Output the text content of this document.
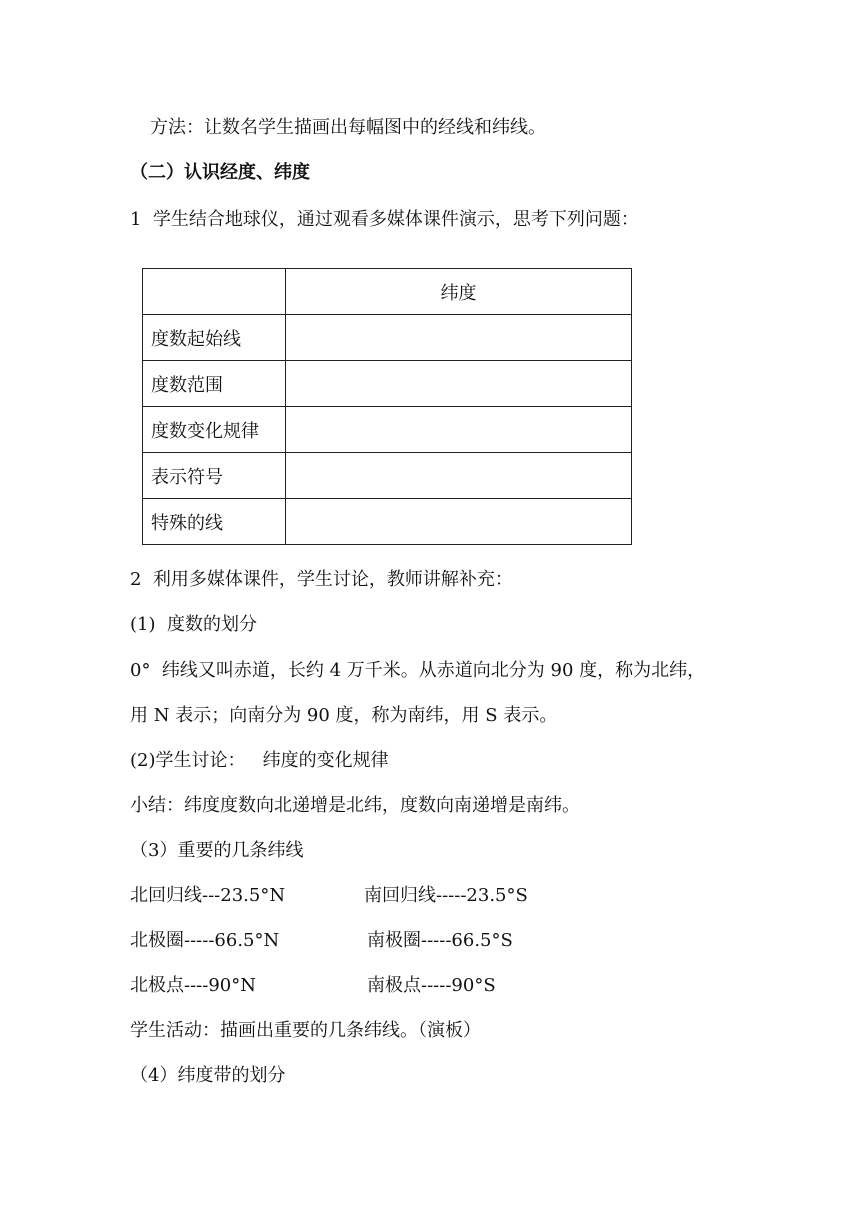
方法：让数名学生描画出每幅图中的经线和纬线。
（二）认识经度、纬度
1  学生结合地球仪，通过观看多媒体课件演示，思考下列问题：
	纬度
度数起始线	
度数范围	
度数变化规律	
表示符号	
特殊的线	
2  利用多媒体课件，学生讨论，教师讲解补充：
(1)  度数的划分
0°  纬线又叫赤道，长约 4 万千米。从赤道向北分为 90 度，称为北纬，
用 N 表示；向南分为 90 度，称为南纬，用 S 表示。
(2)学生讨论：   纬度的变化规律
小结：纬度度数向北递增是北纬，度数向南递增是南纬。
（3）重要的几条纬线
北回归线---23.5°N	南回归线-----23.5°S
北极圈-----66.5°N	南极圈-----66.5°S
北极点----90°N	南极点-----90°S
学生活动：描画出重要的几条纬线。（演板）
（4）纬度带的划分
